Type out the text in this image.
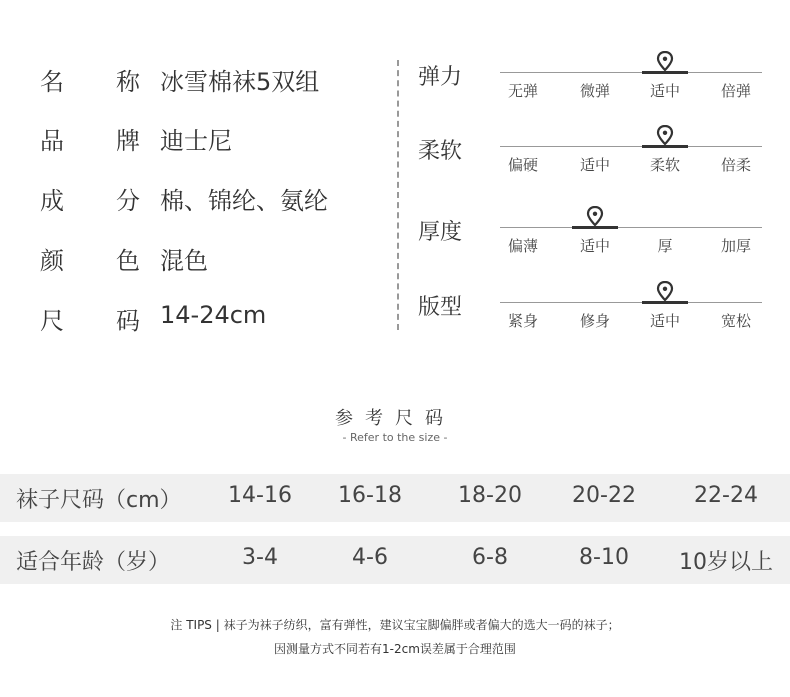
名 称 冰雪棉袜5双组
品 牌 迪士尼
成 分 棉、锦纶、氨纶
颜 色 混色
尺 码 14-24cm
弹力
无弹	微弹	适中	倍弹
柔软
偏硬	适中	柔软	倍柔
厚度
偏薄	适中	厚	加厚
版型
紧身	修身	适中	宽松
参考尺码
- Refer to the size -
袜子尺码（cm）	14-16	16-18	18-20	20-22	22-24
适合年龄（岁）	3-4	4-6	6-8	8-10	10岁以上
注 TIPS | 袜子为袜子纺织，富有弹性，建议宝宝脚偏胖或者偏大的选大一码的袜子；
因测量方式不同若有1-2cm误差属于合理范围
